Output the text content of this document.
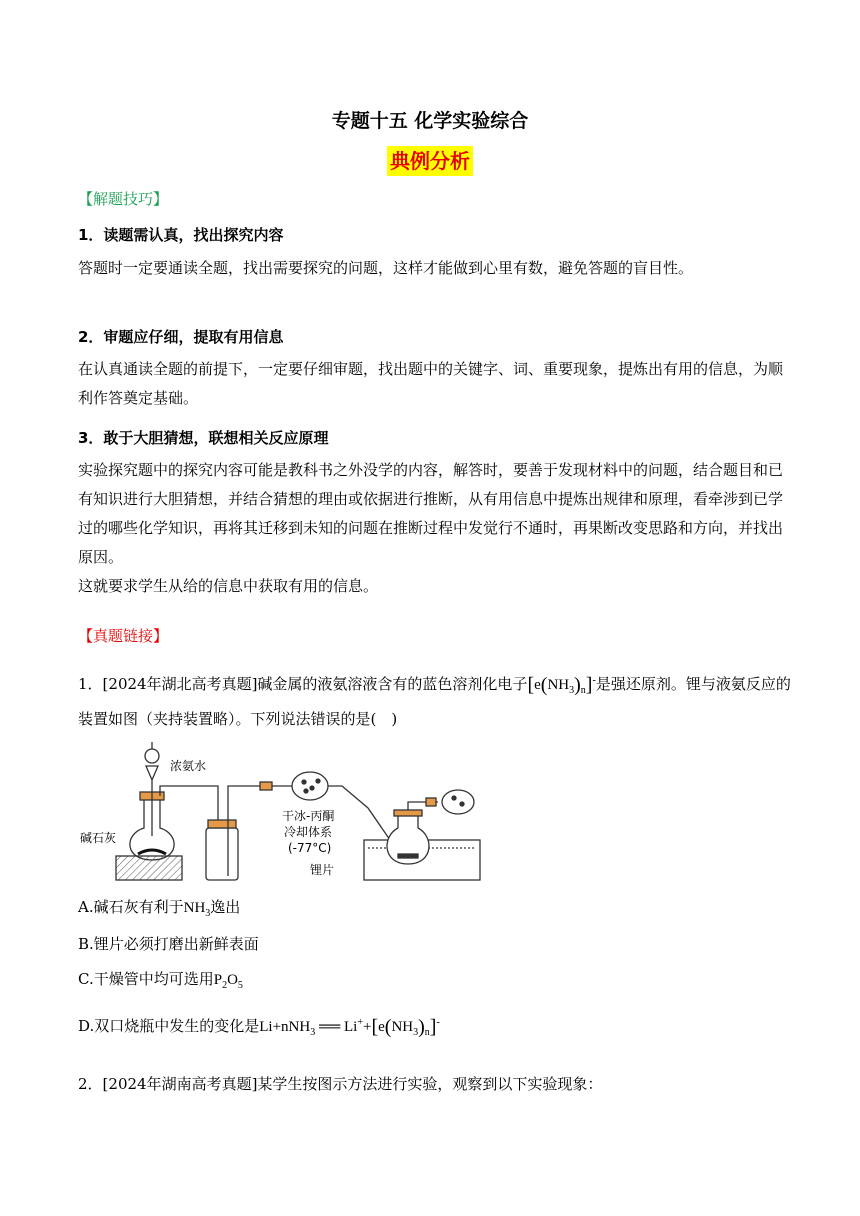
专题十五 化学实验综合
典例分析
【解题技巧】
1．读题需认真，找出探究内容
答题时一定要通读全题，找出需要探究的问题，这样才能做到心里有数，避免答题的盲目性。
2．审题应仔细，提取有用信息
在认真通读全题的前提下，一定要仔细审题，找出题中的关键字、词、重要现象，提炼出有用的信息，为顺利作答奠定基础。
3．敢于大胆猜想，联想相关反应原理
实验探究题中的探究内容可能是教科书之外没学的内容，解答时，要善于发现材料中的问题，结合题目和已有知识进行大胆猜想，并结合猜想的理由或依据进行推断，从有用信息中提炼出规律和原理，看牵涉到已学过的哪些化学知识，再将其迁移到未知的问题在推断过程中发觉行不通时，再果断改变思路和方向，并找出原因。
这就要求学生从给的信息中获取有用的信息。
【真题链接】
1．[2024年湖北高考真题]碱金属的液氨溶液含有的蓝色溶剂化电子$[e(NH_3)_n]^-$是强还原剂。锂与液氨反应的装置如图（夹持装置略）。下列说法错误的是(　)
浓氨水
碱石灰
干冰-丙酮
冷却体系
(-77°C)
锂片
A.碱石灰有利于$NH_3$逸出
B.锂片必须打磨出新鲜表面
C.干燥管中均可选用$P_2O_5$
D.双口烧瓶中发生的变化是Li+nNH$_3$ ══ $Li^++[e(NH_3)_n]^-$
2．[2024年湖南高考真题]某学生按图示方法进行实验，观察到以下实验现象：
